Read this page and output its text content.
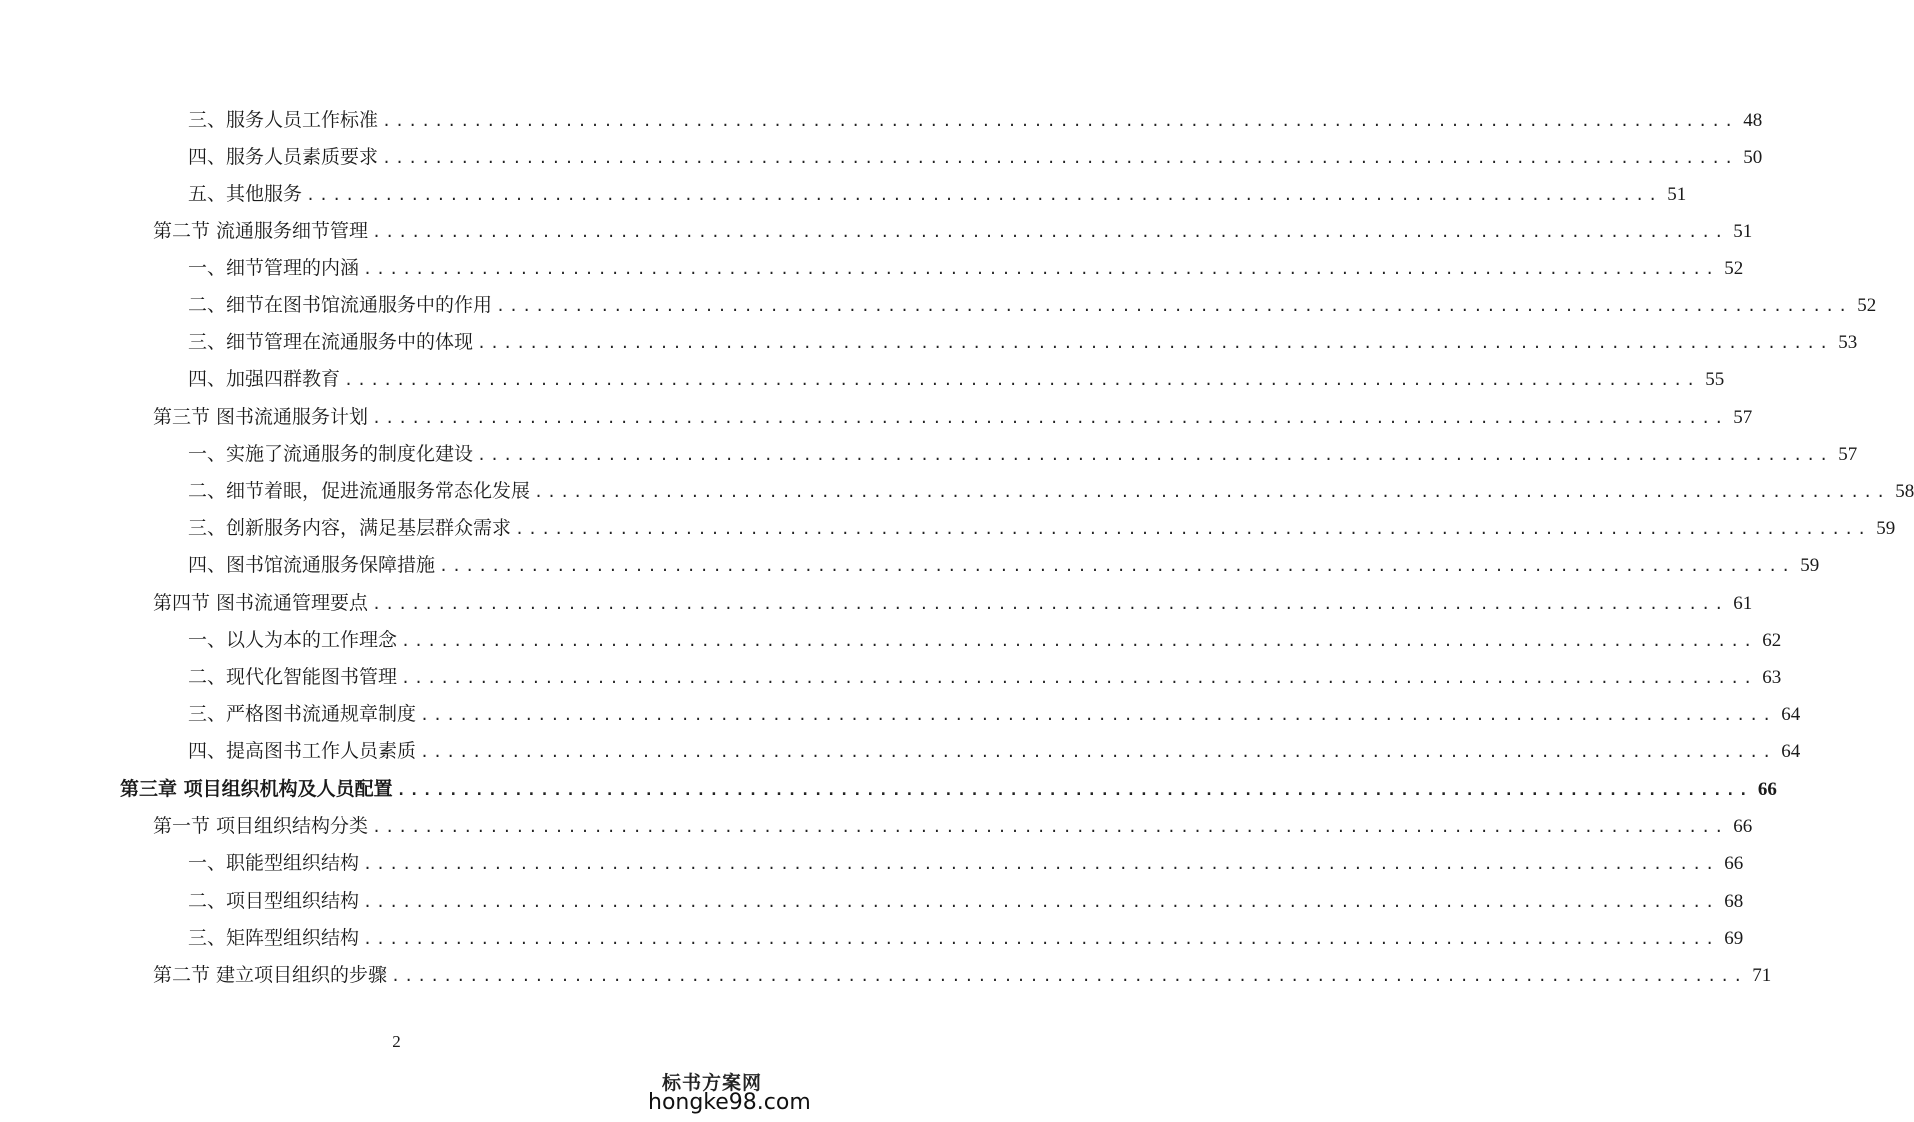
三、服务人员工作标准 .....	48
四、服务人员素质要求 .....	50
五、其他服务 .....	51
第二节 流通服务细节管理 .....	51
一、细节管理的内涵 .....	52
二、细节在图书馆流通服务中的作用 .....	52
三、细节管理在流通服务中的体现 .....	53
四、加强四群教育 .....	55
第三节 图书流通服务计划 .....	57
一、实施了流通服务的制度化建设 .....	57
二、细节着眼，促进流通服务常态化发展 .....	58
三、创新服务内容，满足基层群众需求 .....	59
四、图书馆流通服务保障措施 .....	59
第四节 图书流通管理要点 .....	61
一、以人为本的工作理念 .....	62
二、现代化智能图书管理 .....	63
三、严格图书流通规章制度 .....	64
四、提高图书工作人员素质 .....	64
第三章 项目组织机构及人员配置 .....	66
第一节 项目组织结构分类 .....	66
一、职能型组织结构 .....	66
二、项目型组织结构 .....	68
三、矩阵型组织结构 .....	69
第二节 建立项目组织的步骤 .....	71
2
标书方案网
hongke98.com
